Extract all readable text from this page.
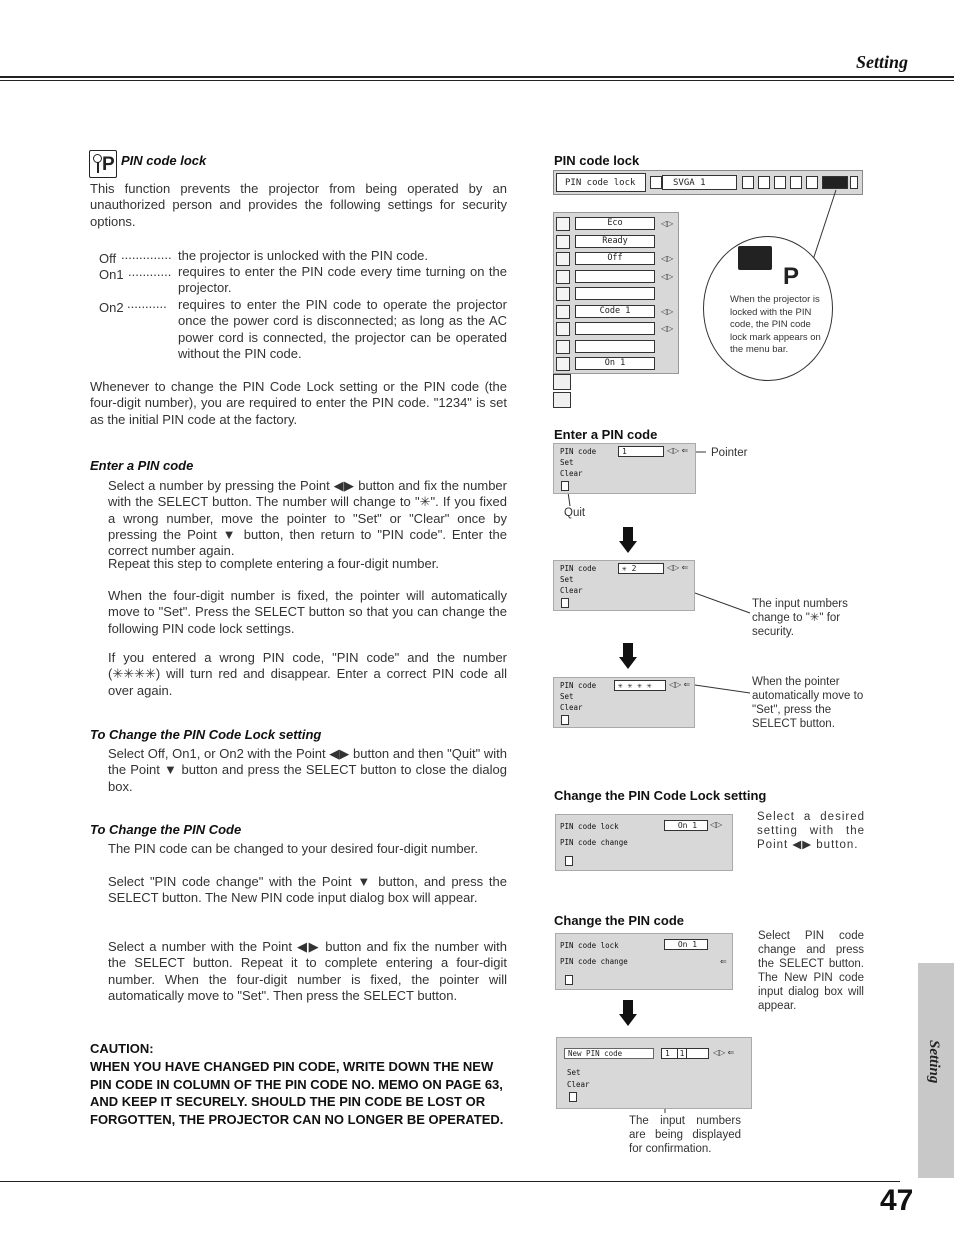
Setting
P PIN code lock
This function prevents the projector from being operated by an unauthorized person and provides the following settings for security options.
Off .............. the projector is unlocked with the PIN code.
On1 ............ requires to enter the PIN code every time turning on the projector.
On2 ........... requires to enter the PIN code to operate the projector once the power cord is disconnected; as long as the AC power cord is connected, the projector can be operated without the PIN code.
Whenever to change the PIN Code Lock setting or the PIN code (the four-digit number), you are required to enter the PIN code. "1234" is set as the initial PIN code at the factory.
Enter a PIN code
Select a number by pressing the Point ◀▶ button and fix the number with the SELECT button. The number will change to "✳". If you fixed a wrong number, move the pointer to "Set" or "Clear" once by pressing the Point ▼ button, then return to "PIN code". Enter the correct number again.
Repeat this step to complete entering a four-digit number.
When the four-digit number is fixed, the pointer will automatically move to "Set". Press the SELECT button so that you can change the following PIN code lock settings.
If you entered a wrong PIN code, "PIN code" and the number (✳✳✳✳) will turn red and disappear. Enter a correct PIN code all over again.
To Change the PIN Code Lock setting
Select Off, On1, or On2 with the Point ◀▶ button and then "Quit" with the Point ▼ button and press the SELECT button to close the dialog box.
To Change the PIN Code
The PIN code can be changed to your desired four-digit number.
Select "PIN code change" with the Point ▼ button, and press the SELECT button. The New PIN code input dialog box will appear.
Select a number with the Point ◀▶ button and fix the number with the SELECT button. Repeat it to complete entering a four-digit number. When the four-digit number is fixed, the pointer will automatically move to "Set". Then press the SELECT button.
CAUTION:
WHEN YOU HAVE CHANGED PIN CODE, WRITE DOWN THE NEW PIN CODE IN COLUMN OF THE PIN CODE NO. MEMO ON PAGE 63, AND KEEP IT SECURELY. SHOULD THE PIN CODE BE LOST OR FORGOTTEN, THE PROJECTOR CAN NO LONGER BE OPERATED.
PIN code lock
PIN code lock	SVGA 1
Eco	◁▷
Ready
Off	◁▷
◁▷
Code 1	◁▷
◁▷
On 1
P
When the projector is locked with the PIN code, the PIN code lock mark appears on the menu bar.
Enter a PIN code
PIN code
Set
Clear
1	◁▷ ⇐ Pointer
Quit
PIN code
Set
Clear
✳ 2	◁▷ ⇐
The input numbers change to "✳" for security.
PIN code
Set
Clear
✳ ✳ ✳ ✳	◁▷ ⇐	When the pointer automatically move to "Set", press the SELECT button.
Change the PIN Code Lock setting
PIN code lock	On 1	◁▷
PIN code change
Select a desired setting with the Point ◀▶ button.
Change the PIN code
PIN code lock	On 1
PIN code change	⇐
Select PIN code change and press the SELECT button. The New PIN code input dialog box will appear.
New PIN code	1 1	◁▷ ⇐
Set
Clear
The input numbers are being displayed for confirmation.
Setting
47
